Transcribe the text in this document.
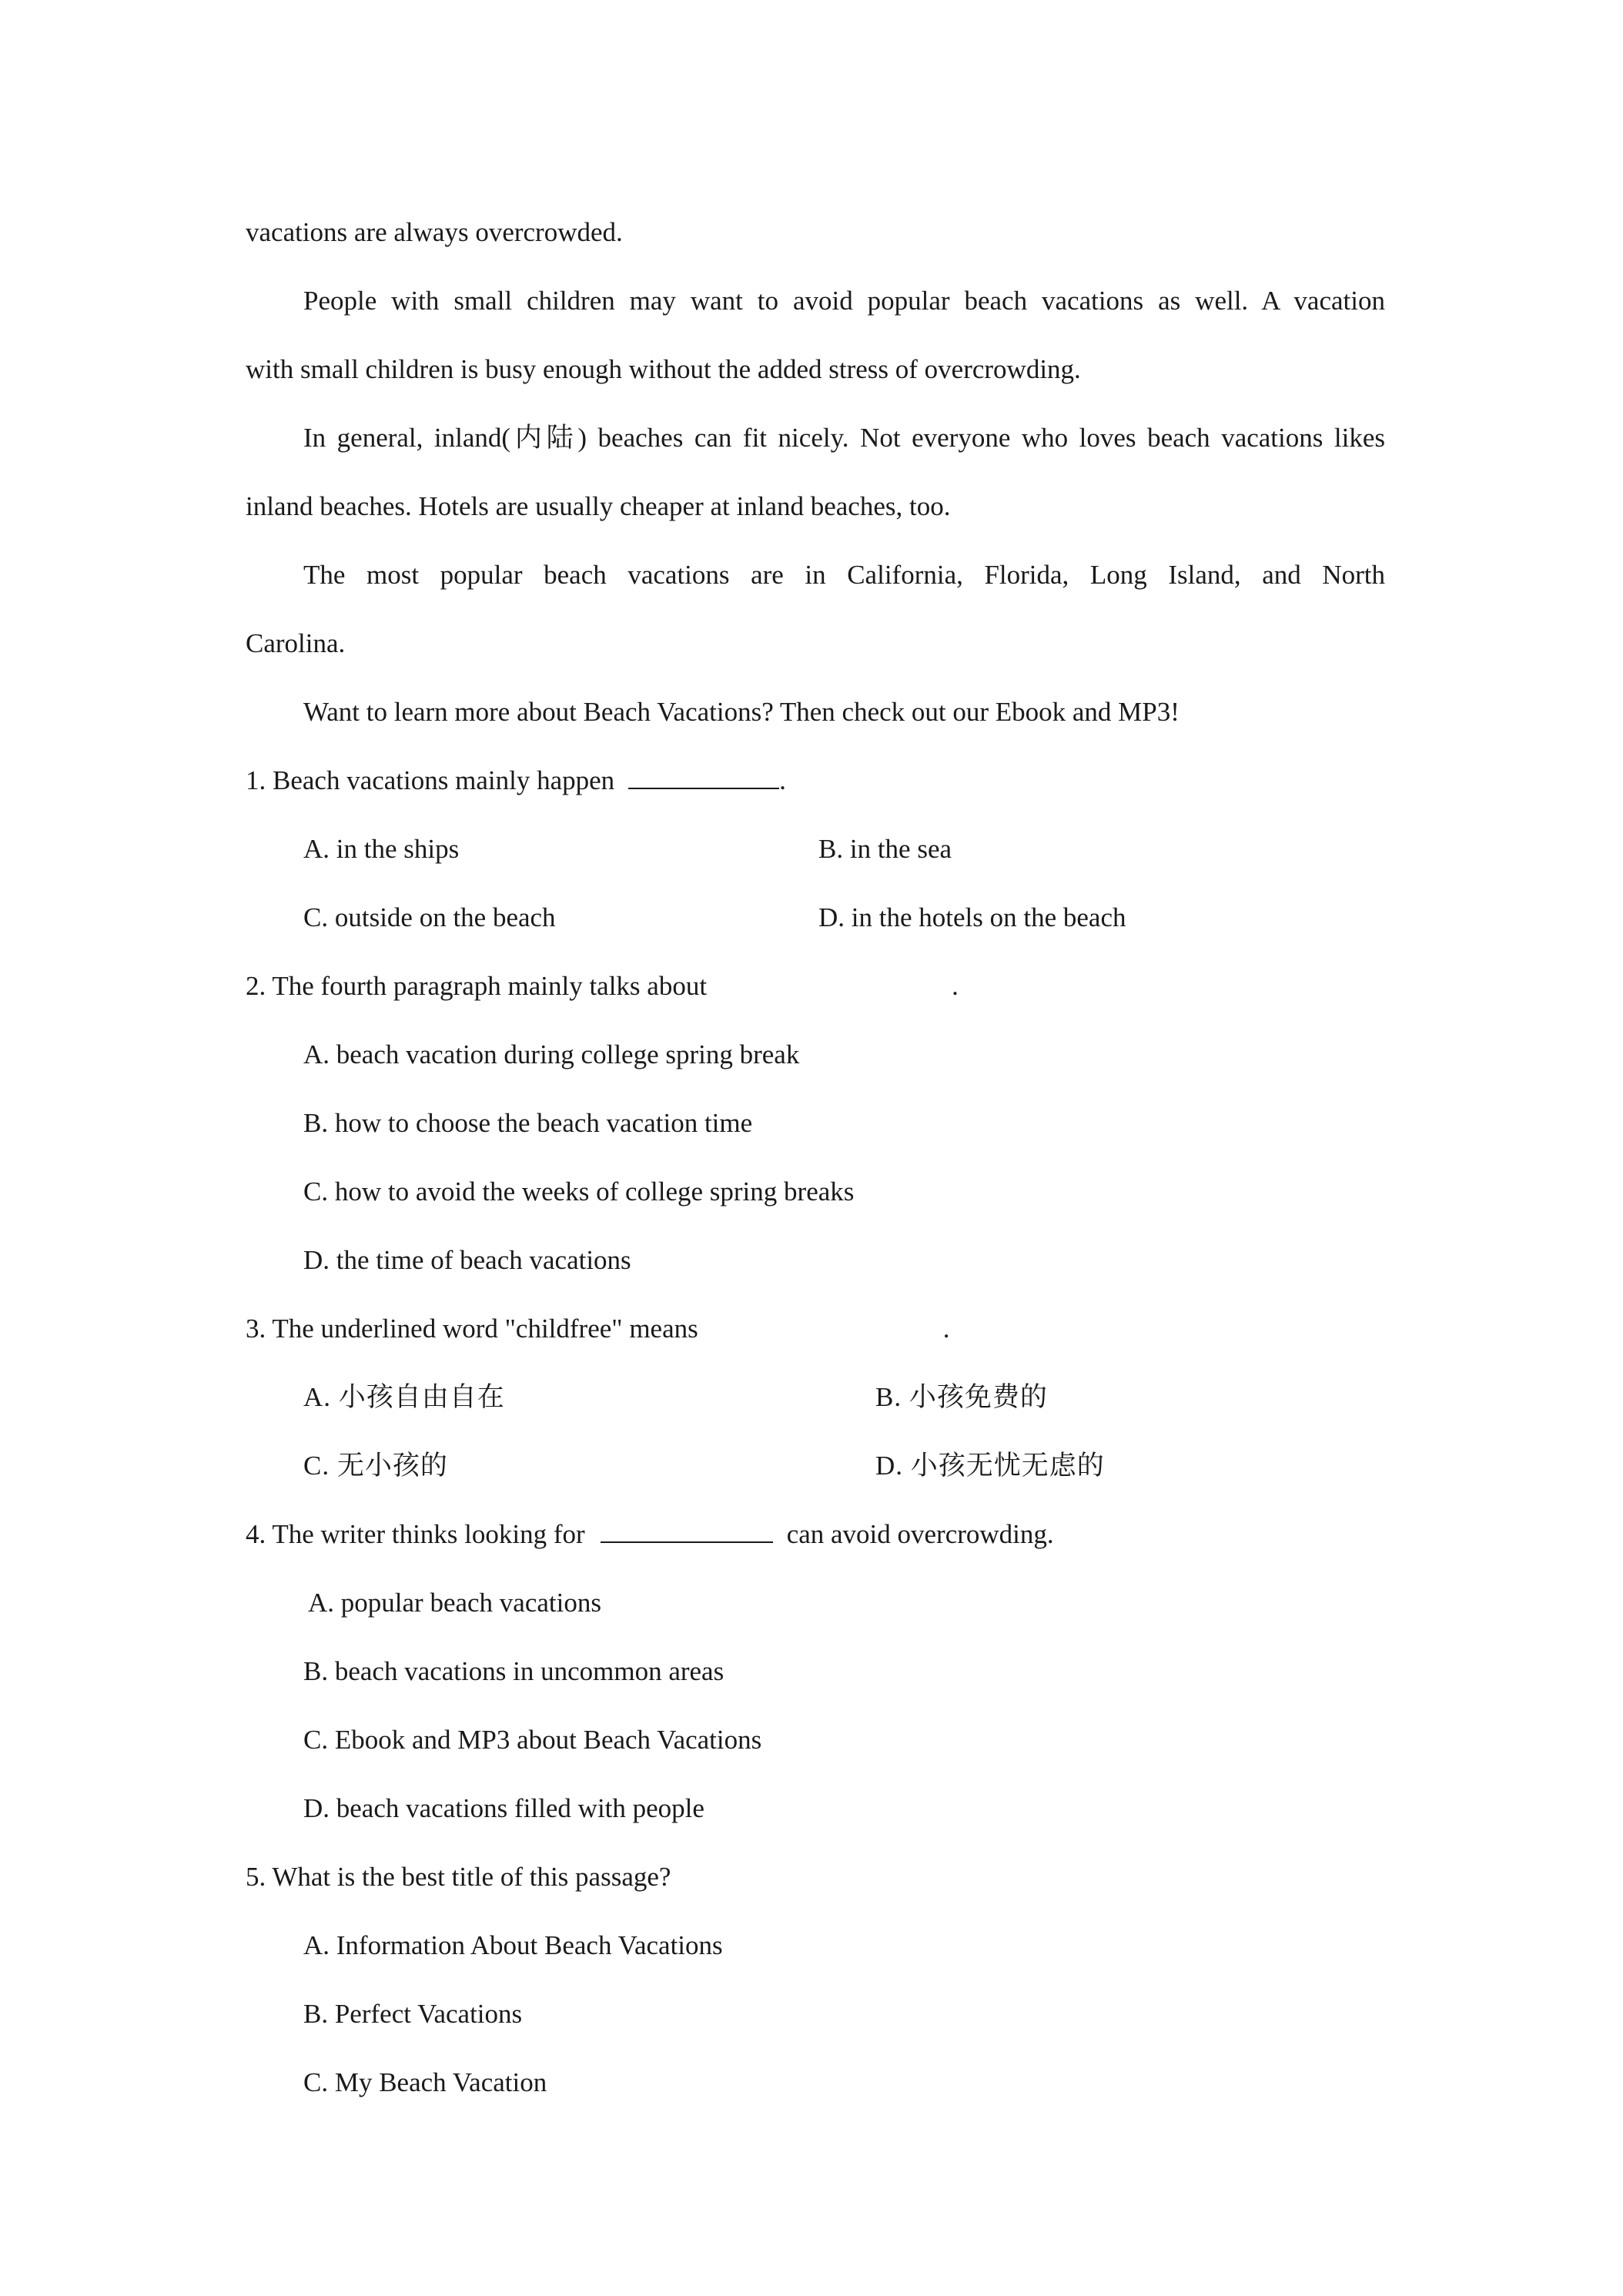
vacations are always overcrowded.
People with small children may want to avoid popular beach vacations as well. A vacation
with small children is busy enough without the added stress of overcrowding.
In general, inland(内陆) beaches can fit nicely. Not everyone who loves beach vacations likes
inland beaches. Hotels are usually cheaper at inland beaches, too.
The most popular beach vacations are in California, Florida, Long Island, and North
Carolina.
Want to learn more about Beach Vacations? Then check out our Ebook and MP3!
1. Beach vacations mainly happen	.
A. in the ships	B. in the sea
C. outside on the beach	D. in the hotels on the beach
2. The fourth paragraph mainly talks about	.
A. beach vacation during college spring break
B. how to choose the beach vacation time
C. how to avoid the weeks of college spring breaks
D. the time of beach vacations
3. The underlined word "childfree" means	.
A. 小孩自由自在	B. 小孩免费的
C. 无小孩的	D. 小孩无忧无虑的
4. The writer thinks looking for	can avoid overcrowding.
A. popular beach vacations
B. beach vacations in uncommon areas
C. Ebook and MP3 about Beach Vacations
D. beach vacations filled with people
5. What is the best title of this passage?
A. Information About Beach Vacations
B. Perfect Vacations
C. My Beach Vacation
